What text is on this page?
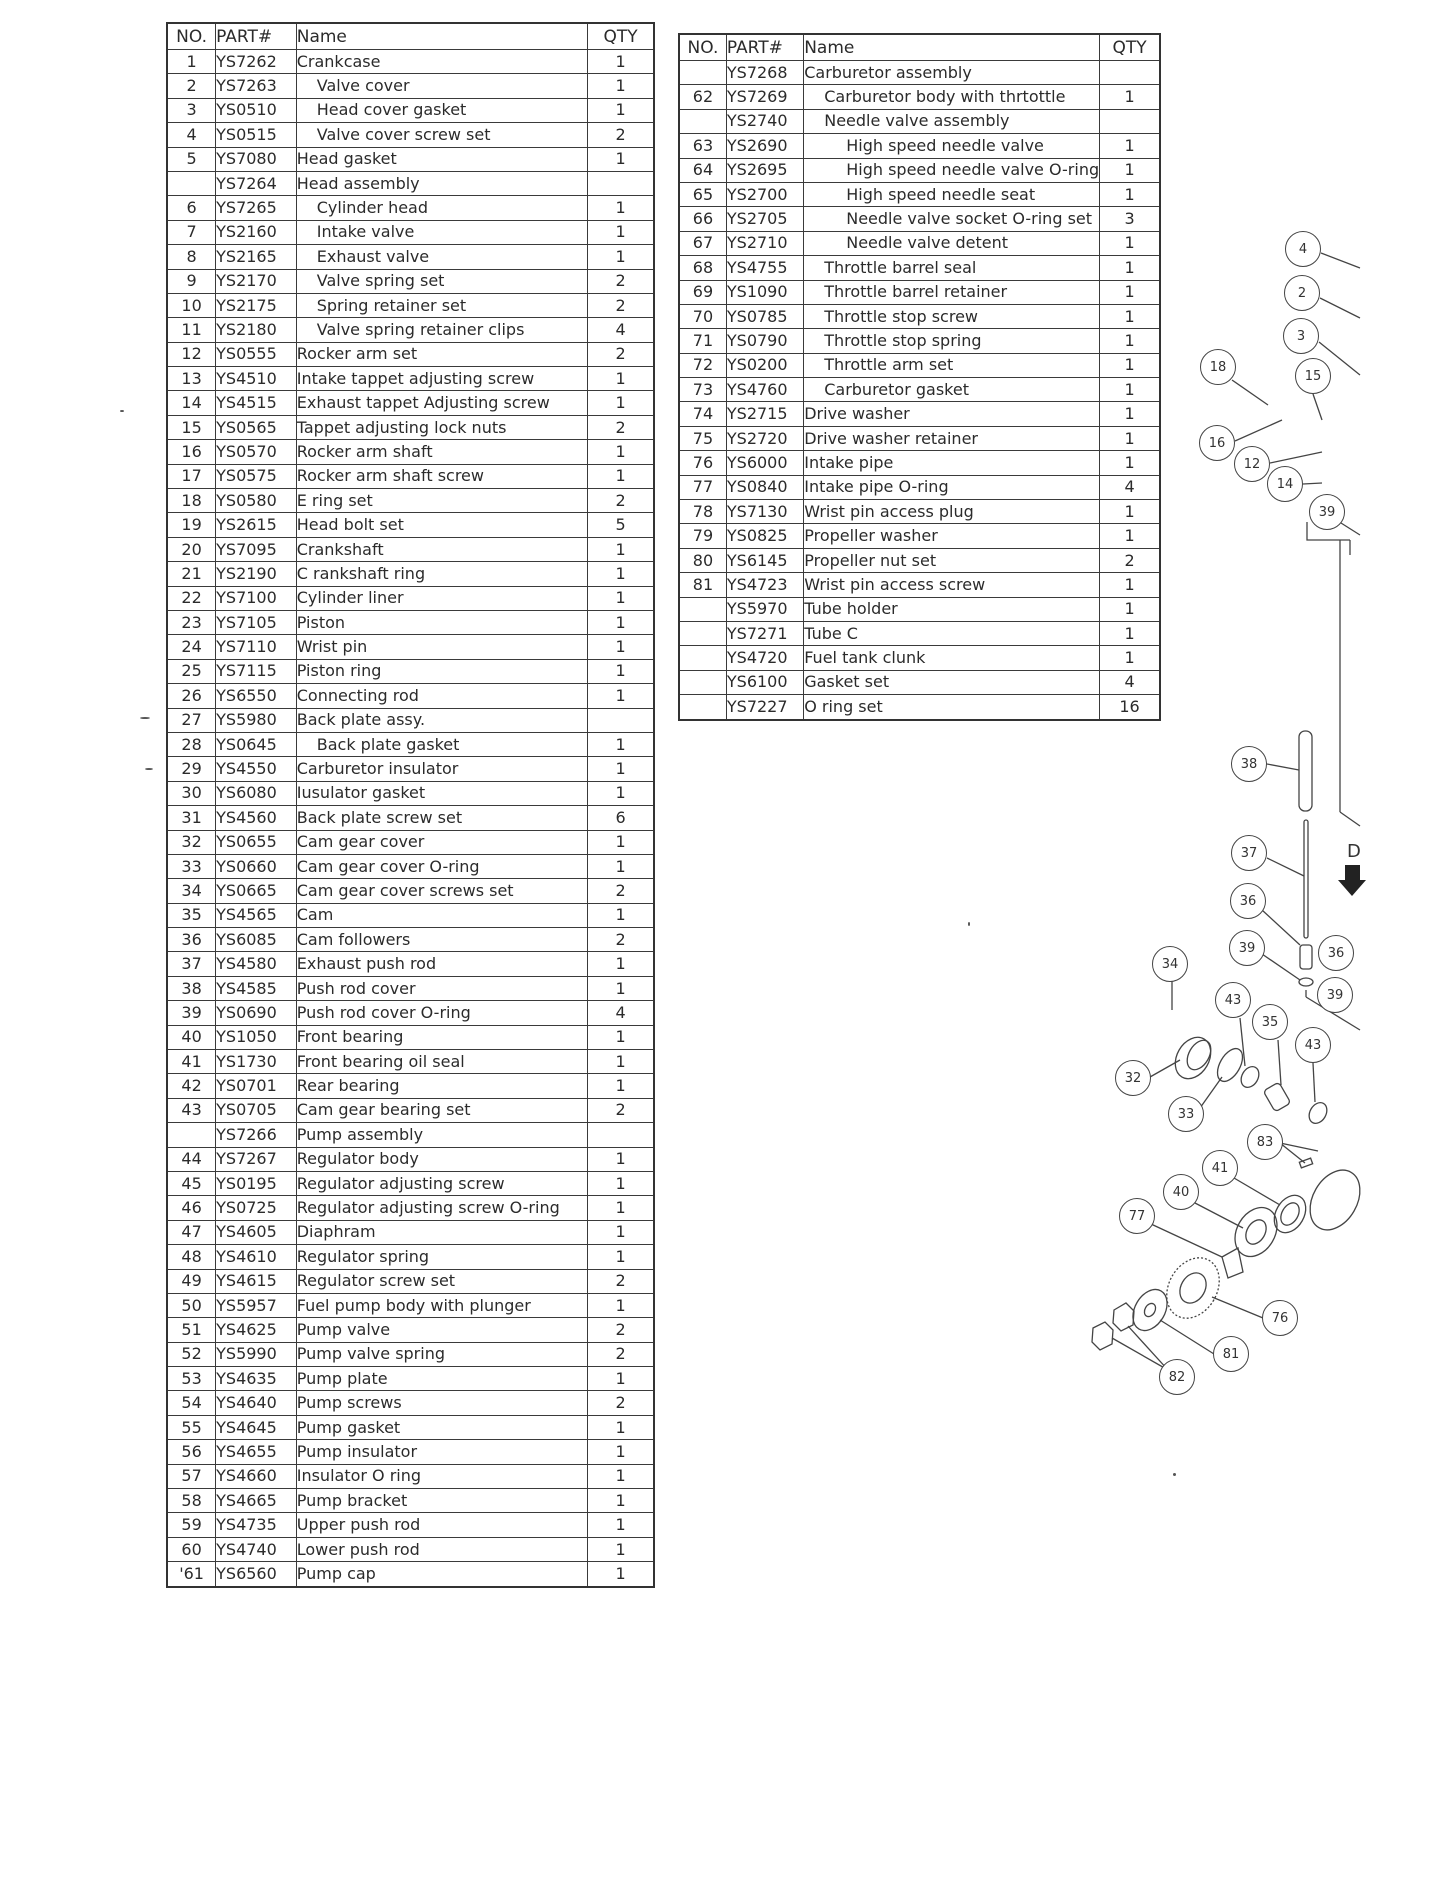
NO.	PART#	Name	QTY
1	YS7262	Crankcase	1
2	YS7263	Valve cover	1
3	YS0510	Head cover gasket	1
4	YS0515	Valve cover screw set	2
5	YS7080	Head gasket	1
	YS7264	Head assembly	
6	YS7265	Cylinder head	1
7	YS2160	Intake valve	1
8	YS2165	Exhaust valve	1
9	YS2170	Valve spring set	2
10	YS2175	Spring retainer set	2
11	YS2180	Valve spring retainer clips	4
12	YS0555	Rocker arm set	2
13	YS4510	Intake tappet adjusting screw	1
14	YS4515	Exhaust tappet Adjusting screw	1
15	YS0565	Tappet adjusting lock nuts	2
16	YS0570	Rocker arm shaft	1
17	YS0575	Rocker arm shaft screw	1
18	YS0580	E ring set	2
19	YS2615	Head bolt set	5
20	YS7095	Crankshaft	1
21	YS2190	C rankshaft ring	1
22	YS7100	Cylinder liner	1
23	YS7105	Piston	1
24	YS7110	Wrist pin	1
25	YS7115	Piston ring	1
26	YS6550	Connecting rod	1
27	YS5980	Back plate assy.	
28	YS0645	Back plate gasket	1
29	YS4550	Carburetor insulator	1
30	YS6080	Iusulator gasket	1
31	YS4560	Back plate screw set	6
32	YS0655	Cam gear cover	1
33	YS0660	Cam gear cover O-ring	1
34	YS0665	Cam gear cover screws set	2
35	YS4565	Cam	1
36	YS6085	Cam followers	2
37	YS4580	Exhaust push rod	1
38	YS4585	Push rod cover	1
39	YS0690	Push rod cover O-ring	4
40	YS1050	Front bearing	1
41	YS1730	Front bearing oil seal	1
42	YS0701	Rear bearing	1
43	YS0705	Cam gear bearing set	2
	YS7266	Pump assembly	
44	YS7267	Regulator body	1
45	YS0195	Regulator adjusting screw	1
46	YS0725	Regulator adjusting screw O-ring	1
47	YS4605	Diaphram	1
48	YS4610	Regulator spring	1
49	YS4615	Regulator screw set	2
50	YS5957	Fuel pump body with plunger	1
51	YS4625	Pump valve	2
52	YS5990	Pump valve spring	2
53	YS4635	Pump plate	1
54	YS4640	Pump screws	2
55	YS4645	Pump gasket	1
56	YS4655	Pump insulator	1
57	YS4660	Insulator O ring	1
58	YS4665	Pump bracket	1
59	YS4735	Upper push rod	1
60	YS4740	Lower push rod	1
'61	YS6560	Pump cap	1
NO.	PART#	Name	QTY
	YS7268	Carburetor assembly	
62	YS7269	Carburetor body with thrtottle	1
	YS2740	Needle valve assembly	
63	YS2690	High speed needle valve	1
64	YS2695	High speed needle valve O-ring	1
65	YS2700	High speed needle seat	1
66	YS2705	Needle valve socket O-ring set	3
67	YS2710	Needle valve detent	1
68	YS4755	Throttle barrel seal	1
69	YS1090	Throttle barrel retainer	1
70	YS0785	Throttle stop screw	1
71	YS0790	Throttle stop spring	1
72	YS0200	Throttle arm set	1
73	YS4760	Carburetor gasket	1
74	YS2715	Drive washer	1
75	YS2720	Drive washer retainer	1
76	YS6000	Intake pipe	1
77	YS0840	Intake pipe O-ring	4
78	YS7130	Wrist pin access plug	1
79	YS0825	Propeller washer	1
80	YS6145	Propeller nut set	2
81	YS4723	Wrist pin access screw	1
	YS5970	Tube holder	1
	YS7271	Tube C	1
	YS4720	Fuel tank clunk	1
	YS6100	Gasket set	4
	YS7227	O ring set	16
D
4
2
3
18
15
16
12
14
39
38
37
36
39	36
39
34
43
35
43
32
33
83
41
40
77
76
81
82
